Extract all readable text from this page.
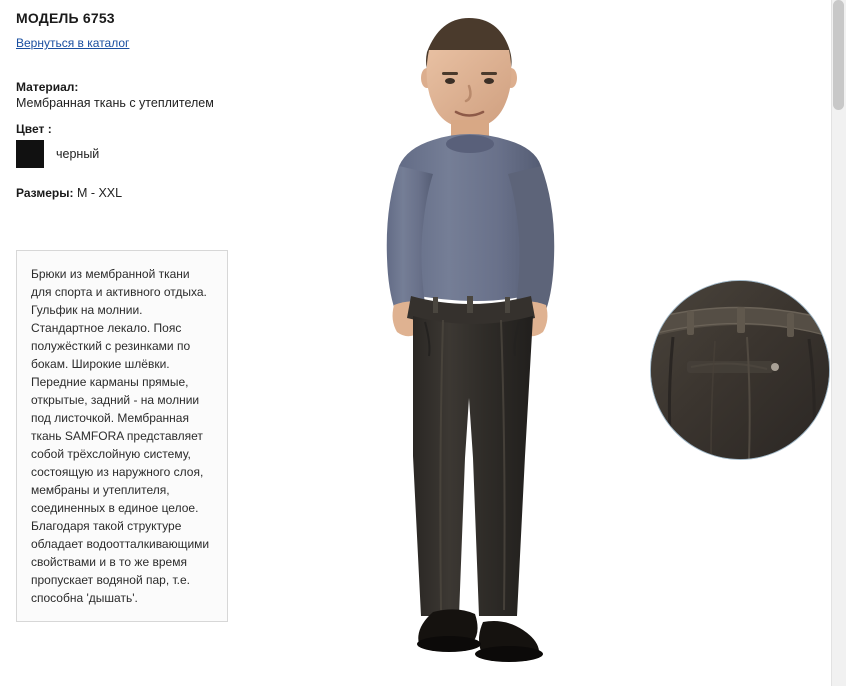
МОДЕЛЬ 6753
Вернуться в каталог
Материал:
Мембранная ткань с утеплителем
Цвет :
черный
Размеры: M - XXL

Брюки из мембранной ткани для спорта и активного отдыха. Гульфик на молнии. Стандартное лекало. Пояс полужёсткий с резинками по бокам. Широкие шлёвки. Передние карманы прямые, открытые, задний - на молнии под листочкой. Мембранная ткань SAMFORA представляет собой трёхслойную систему, состоящую из наружного слоя, мембраны и утеплителя, соединенных в единое целое. Благодаря такой структуре обладает водоотталкивающими свойствами и в то же время пропускает водяной пар, т.е. способна 'дышать'.
